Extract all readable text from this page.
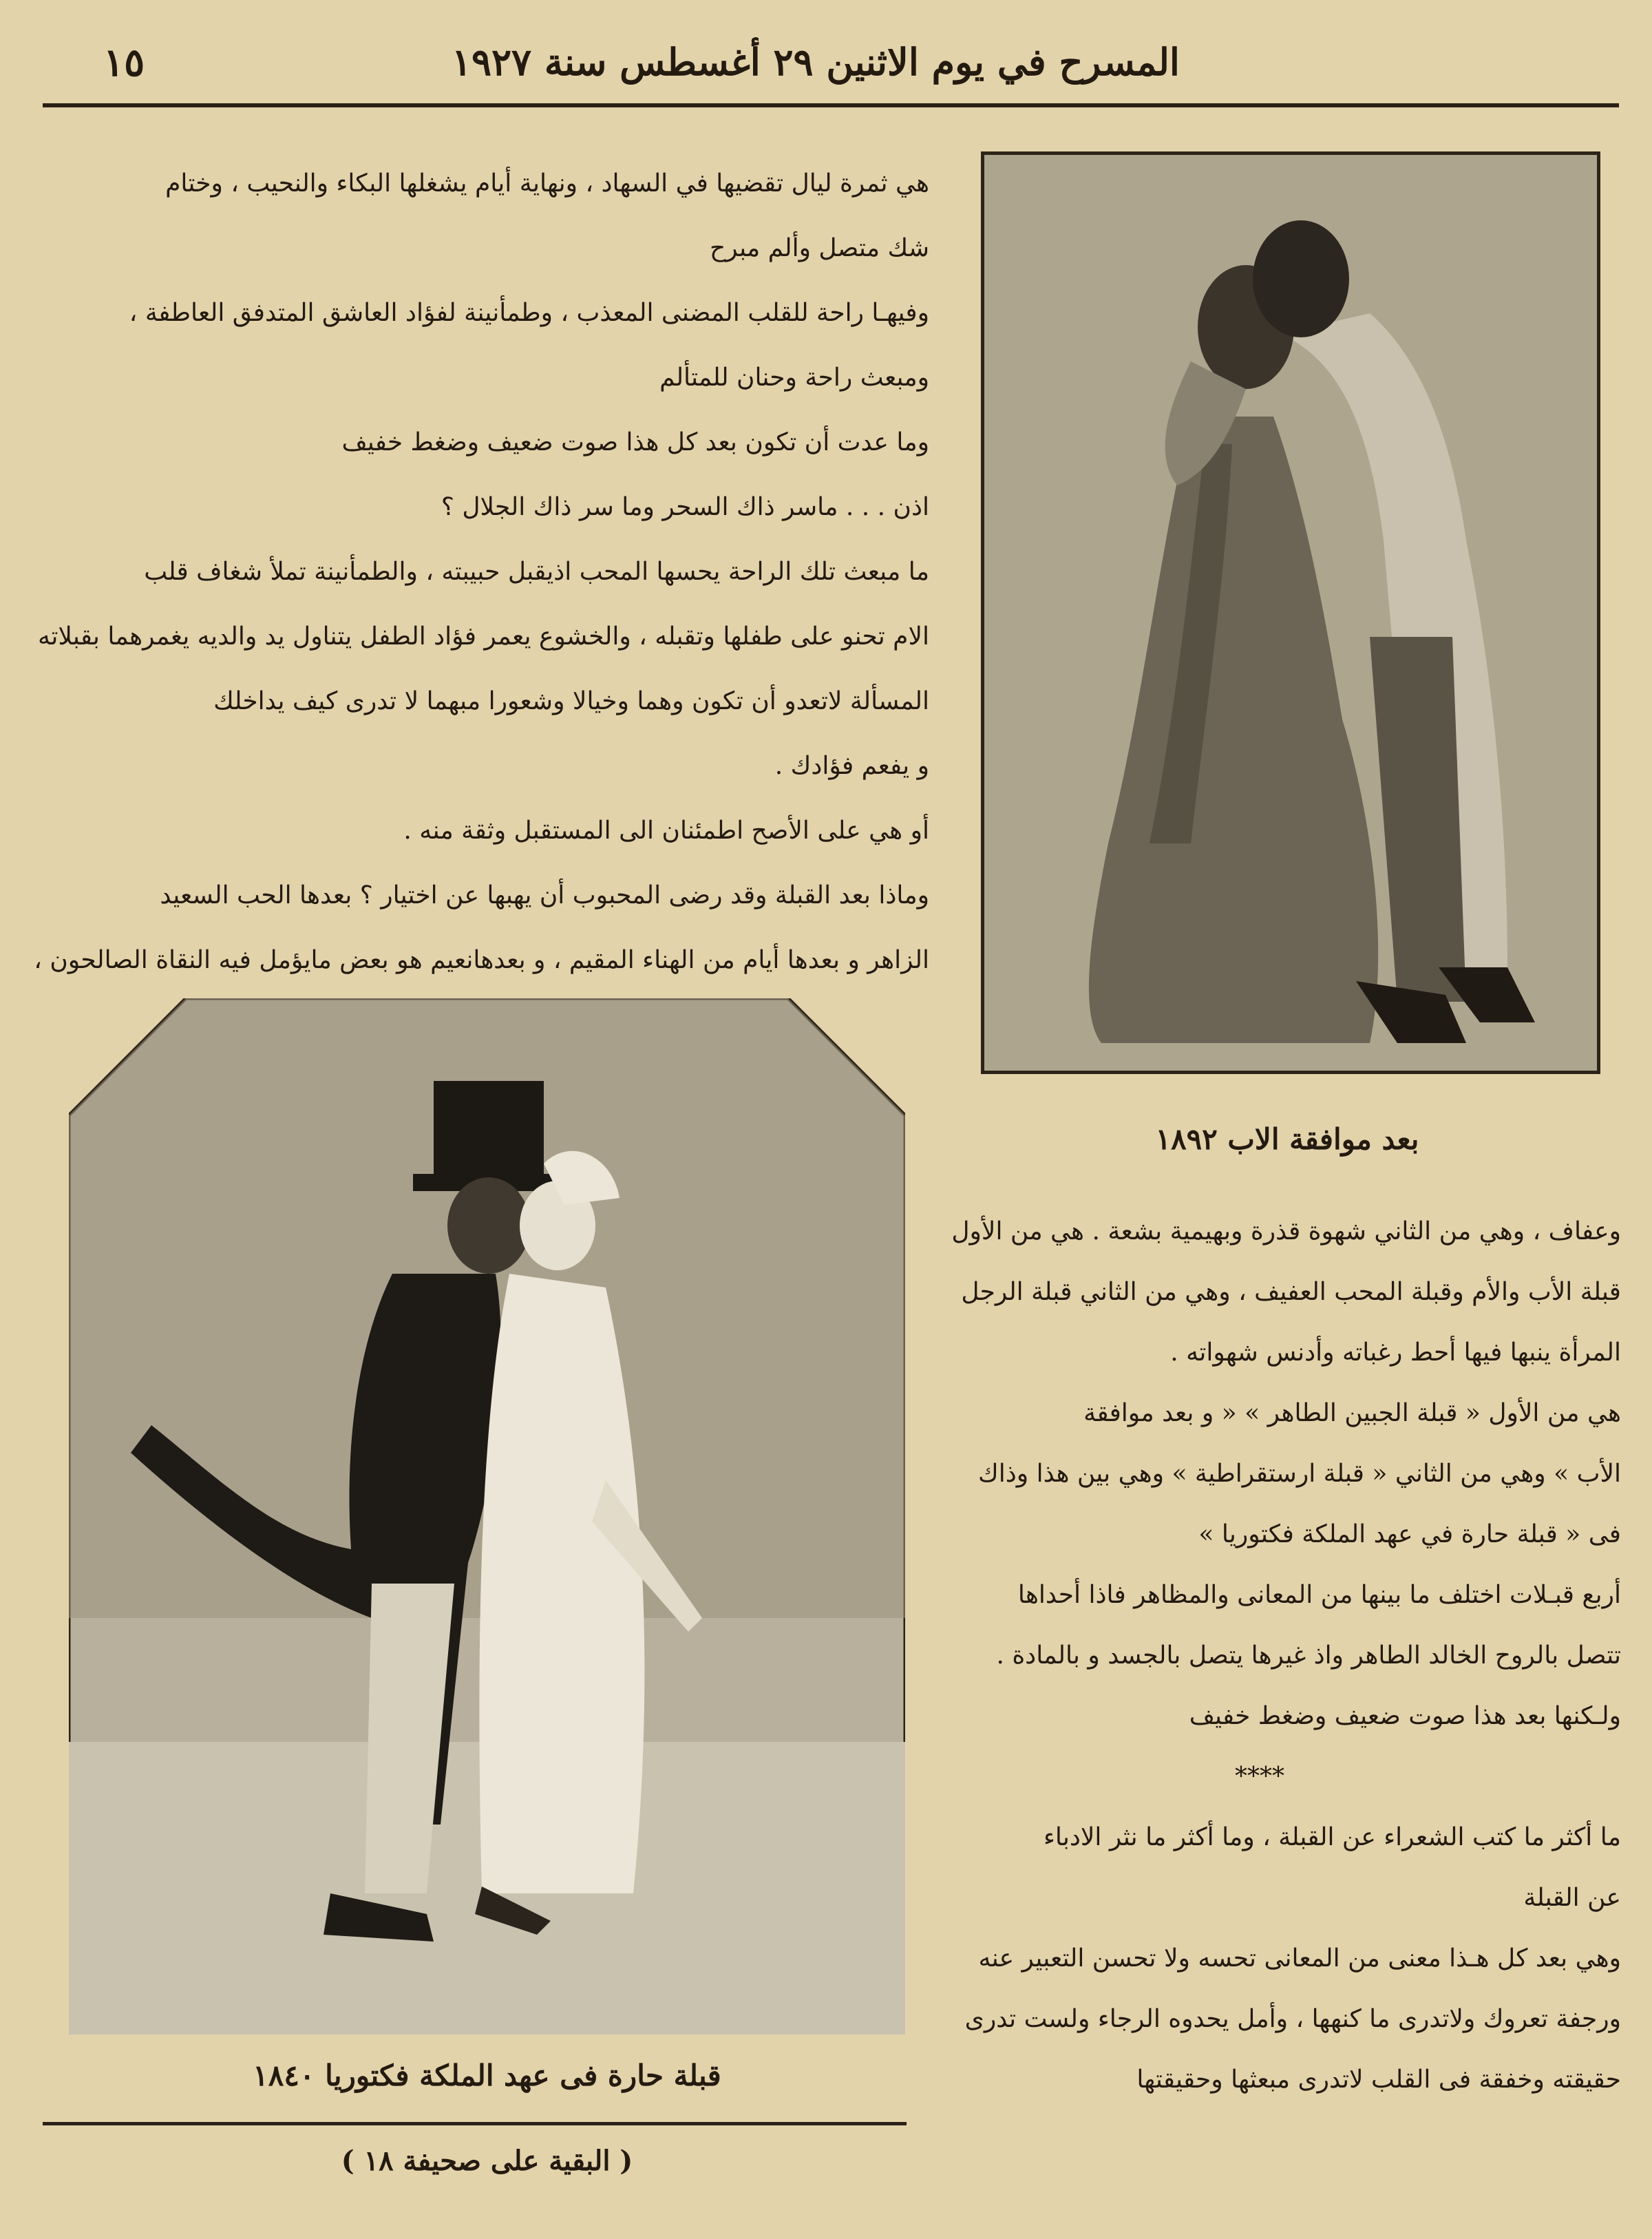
المسرح في يوم الاثنين ٢٩ أغسطس سنة ١٩٢٧
١٥
هي ثمرة ليال تقضيها في السهاد ، ونهاية أيام يشغلها البكاء والنحيب ، وختام
شك متصل وألم مبرح
وفيهـا راحة للقلب المضنى المعذب ، وطمأنينة لفؤاد العاشق المتدفق العاطفة ،
ومبعث راحة وحنان للمتألم
وما عدت أن تكون بعد كل هذا صوت ضعيف وضغط خفيف
اذن . . . ماسر ذاك السحر وما سر ذاك الجلال ؟
ما مبعث تلك الراحة يحسها المحب اذيقبل حبيبته ، والطمأنينة تملأ شغاف قلب
الام تحنو على طفلها وتقبله ، والخشوع يعمر فؤاد الطفل يتناول يد والديه يغمرهما بقبلاته
المسألة لاتعدو أن تكون وهما وخيالا وشعورا مبهما لا تدرى كيف يداخلك
و يفعم فؤادك .
أو هي على الأصح اطمئنان الى المستقبل وثقة منه .
وماذا بعد القبلة وقد رضى المحبوب أن يهبها عن اختيار ؟ بعدها الحب السعيد
الزاهر و بعدها أيام من الهناء المقيم ، و بعدهانعيم هو بعض مايؤمل فيه النقاة الصالحون ،
بعد موافقة الاب ١٨٩٢
قبلة حارة فى عهد الملكة فكتوريا ١٨٤٠
وعفاف ، وهي من الثاني شهوة قذرة وبهيمية بشعة . هي من الأول
قبلة الأب والأم وقبلة المحب العفيف ، وهي من الثاني قبلة الرجل
المرأة ينبها فيها أحط رغباته وأدنس شهواته .
هي من الأول « قبلة الجبين الطاهر » « و بعد موافقة
الأب » وهي من الثاني « قبلة ارستقراطية » وهي بين هذا وذاك
فى « قبلة حارة في عهد الملكة فكتوريا »
أربع قبـلات اختلف ما بينها من المعانى والمظاهر فاذا أحداها
تتصل بالروح الخالد الطاهر واذ غيرها يتصل بالجسد و بالمادة .
ولـكنها بعد هذا صوت ضعيف وضغط خفيف
****
ما أكثر ما كتب الشعراء عن القبلة ، وما أكثر ما نثر الادباء
عن القبلة
وهي بعد كل هـذا معنى من المعانى تحسه ولا تحسن التعبير عنه
ورجفة تعروك ولاتدرى ما كنهها ، وأمل يحدوه الرجاء ولست تدرى
حقيقته وخفقة فى القلب لاتدرى مبعثها وحقيقتها
( البقية على صحيفة ١٨ )
